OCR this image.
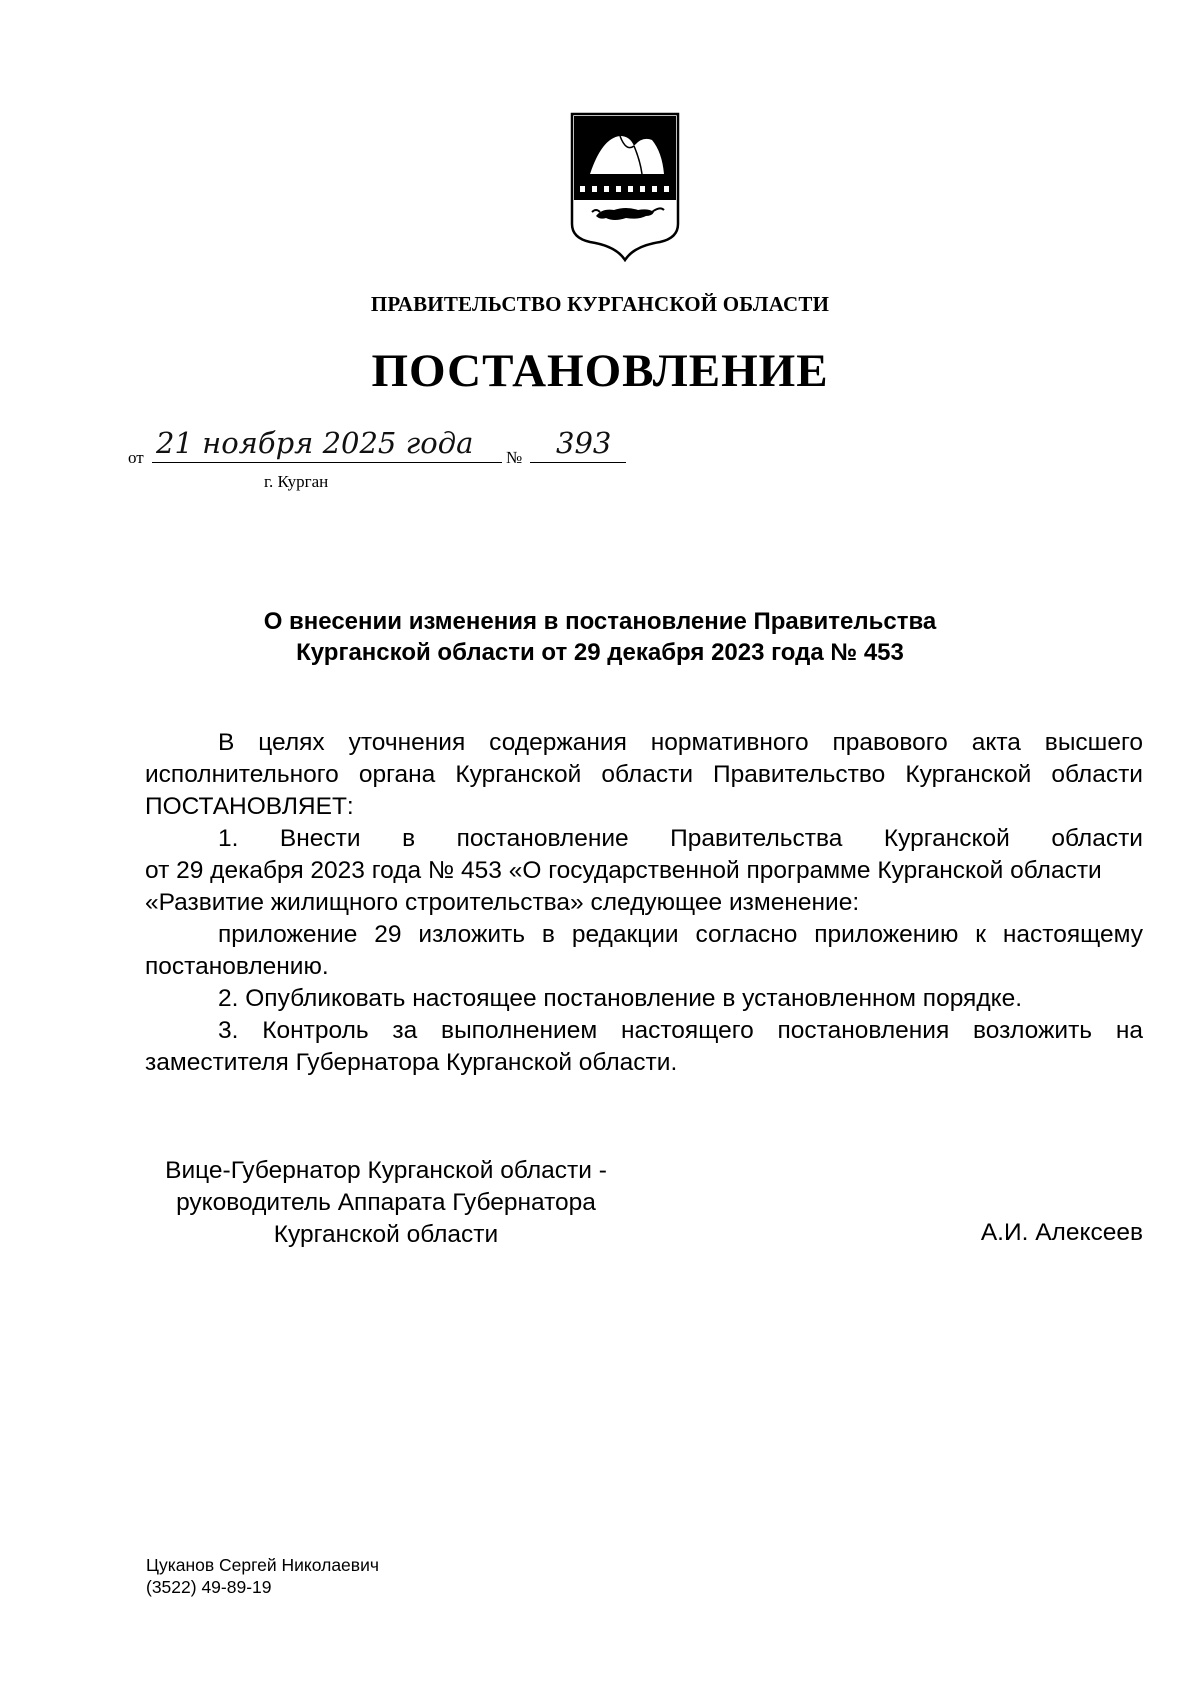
ПРАВИТЕЛЬСТВО КУРГАНСКОЙ ОБЛАСТИ
ПОСТАНОВЛЕНИЕ
от 21 ноября 2025 года № 393
г. Курган
О внесении изменения в постановление Правительства
Курганской области от 29 декабря 2023 года № 453

В целях уточнения содержания нормативного правового акта высшего исполнительного органа Курганской области Правительство Курганской области ПОСТАНОВЛЯЕТ:

1. Внести в постановление Правительства Курганской области

от 29 декабря 2023 года № 453 «О государственной программе Курганской области «Развитие жилищного строительства» следующее изменение:

приложение 29 изложить в редакции согласно приложению к настоящему постановлению.

2. Опубликовать настоящее постановление в установленном порядке.

3. Контроль за выполнением настоящего постановления возложить на заместителя Губернатора Курганской области.

Вице-Губернатор Курганской области -
руководитель Аппарата Губернатора
Курганской области	А.И. Алексеев
Цуканов Сергей Николаевич
(3522) 49-89-19
